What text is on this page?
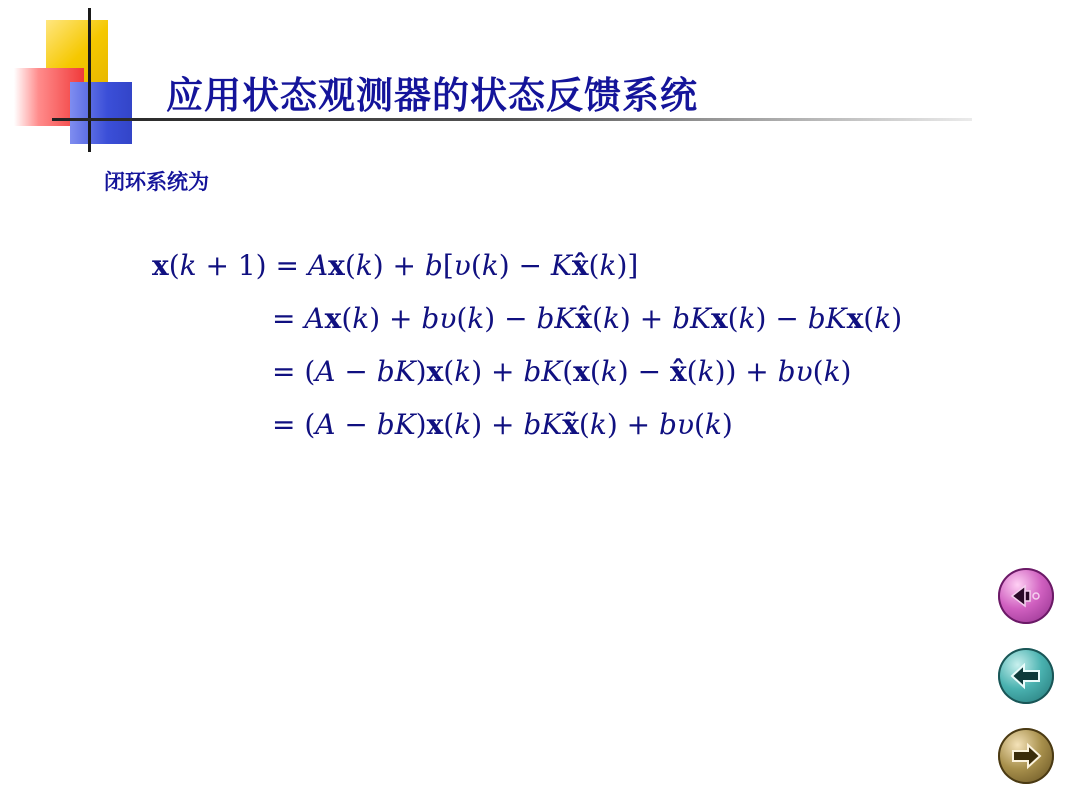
应用状态观测器的状态反馈系统
闭环系统为
x(k + 1) = Ax(k) + b[υ(k) − Kx̂(k)]
= Ax(k) + bυ(k) − bKx̂(k) + bKx(k) − bKx(k)
= (A − bK)x(k) + bK(x(k) − x̂(k)) + bυ(k)
= (A − bK)x(k) + bKx̃(k) + bυ(k)
